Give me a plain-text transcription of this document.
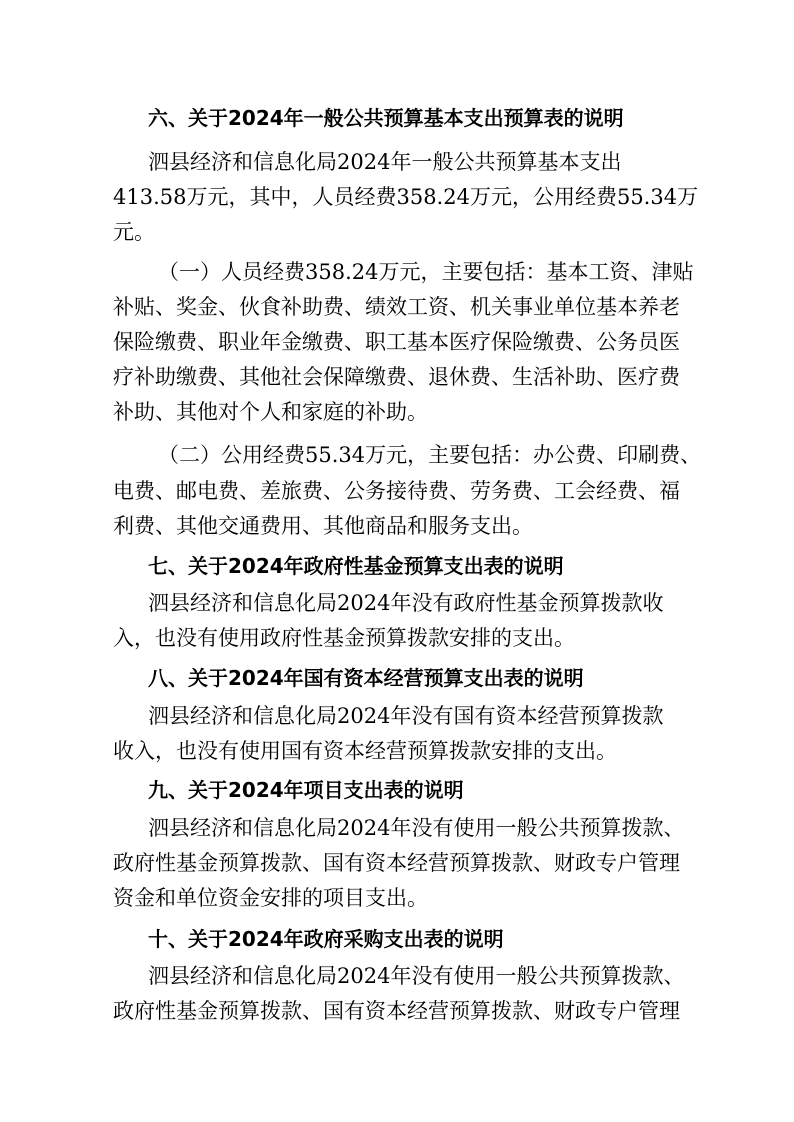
六、关于2024年一般公共预算基本支出预算表的说明
泗县经济和信息化局2024年一般公共预算基本支出
413.58万元，其中，人员经费358.24万元，公用经费55.34万
元。
（一）人员经费358.24万元，主要包括：基本工资、津贴
补贴、奖金、伙食补助费、绩效工资、机关事业单位基本养老
保险缴费、职业年金缴费、职工基本医疗保险缴费、公务员医
疗补助缴费、其他社会保障缴费、退休费、生活补助、医疗费
补助、其他对个人和家庭的补助。
（二）公用经费55.34万元，主要包括：办公费、印刷费、
电费、邮电费、差旅费、公务接待费、劳务费、工会经费、福
利费、其他交通费用、其他商品和服务支出。
七、关于2024年政府性基金预算支出表的说明
泗县经济和信息化局2024年没有政府性基金预算拨款收
入，也没有使用政府性基金预算拨款安排的支出。
八、关于2024年国有资本经营预算支出表的说明
泗县经济和信息化局2024年没有国有资本经营预算拨款
收入，也没有使用国有资本经营预算拨款安排的支出。
九、关于2024年项目支出表的说明
泗县经济和信息化局2024年没有使用一般公共预算拨款、
政府性基金预算拨款、国有资本经营预算拨款、财政专户管理
资金和单位资金安排的项目支出。
十、关于2024年政府采购支出表的说明
泗县经济和信息化局2024年没有使用一般公共预算拨款、
政府性基金预算拨款、国有资本经营预算拨款、财政专户管理
